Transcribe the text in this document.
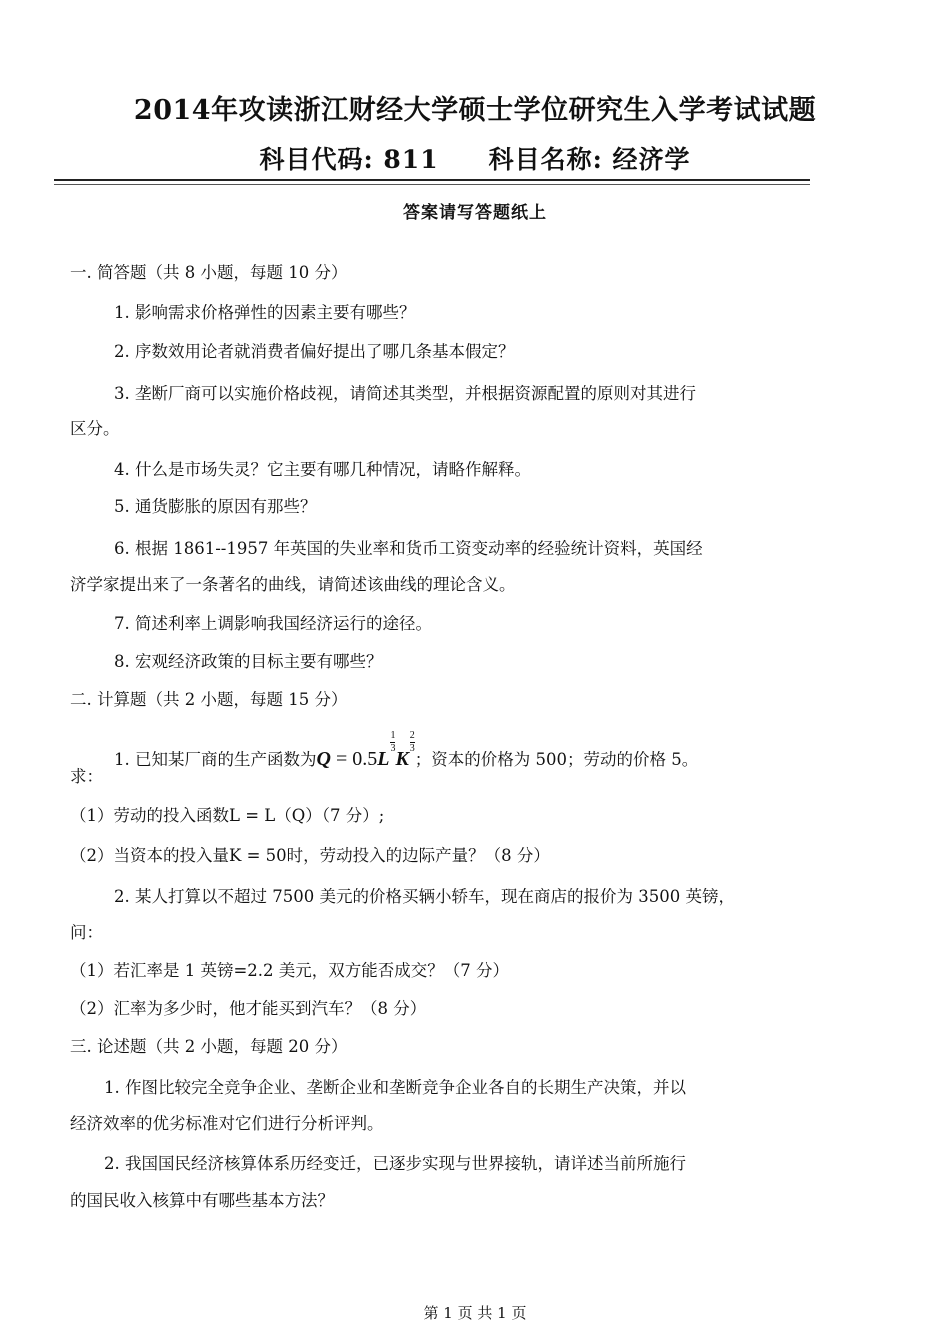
2014年攻读浙江财经大学硕士学位研究生入学考试试题
科目代码: 811 科目名称: 经济学
答案请写答题纸上
一. 简答题（共 8 小题，每题 10 分）
1. 影响需求价格弹性的因素主要有哪些？
2. 序数效用论者就消费者偏好提出了哪几条基本假定？
3. 垄断厂商可以实施价格歧视，请简述其类型，并根据资源配置的原则对其进行
区分。
4. 什么是市场失灵？它主要有哪几种情况，请略作解释。
5. 通货膨胀的原因有那些？
6. 根据 1861--1957 年英国的失业率和货币工资变动率的经验统计资料，英国经
济学家提出来了一条著名的曲线，请简述该曲线的理论含义。
7. 简述利率上调影响我国经济运行的途径。
8. 宏观经济政策的目标主要有哪些？
二. 计算题（共 2 小题，每题 15 分）
1. 已知某厂商的生产函数为$Q = 0.5L\frac{1}{3}K\frac{2}{3}$；资本的价格为 500；劳动的价格 5。
求：
（1）劳动的投入函数L = L（Q）（7 分）;
（2）当资本的投入量K = 50时，劳动投入的边际产量？（8 分）
2. 某人打算以不超过 7500 美元的价格买辆小轿车，现在商店的报价为 3500 英镑，
问：
（1）若汇率是 1 英镑=2.2 美元，双方能否成交？（7 分）
（2）汇率为多少时，他才能买到汽车？（8 分）
三. 论述题（共 2 小题，每题 20 分）
1. 作图比较完全竞争企业、垄断企业和垄断竞争企业各自的长期生产决策，并以
经济效率的优劣标准对它们进行分析评判。
2. 我国国民经济核算体系历经变迁，已逐步实现与世界接轨，请详述当前所施行
的国民收入核算中有哪些基本方法？
第 1 页 共 1 页
